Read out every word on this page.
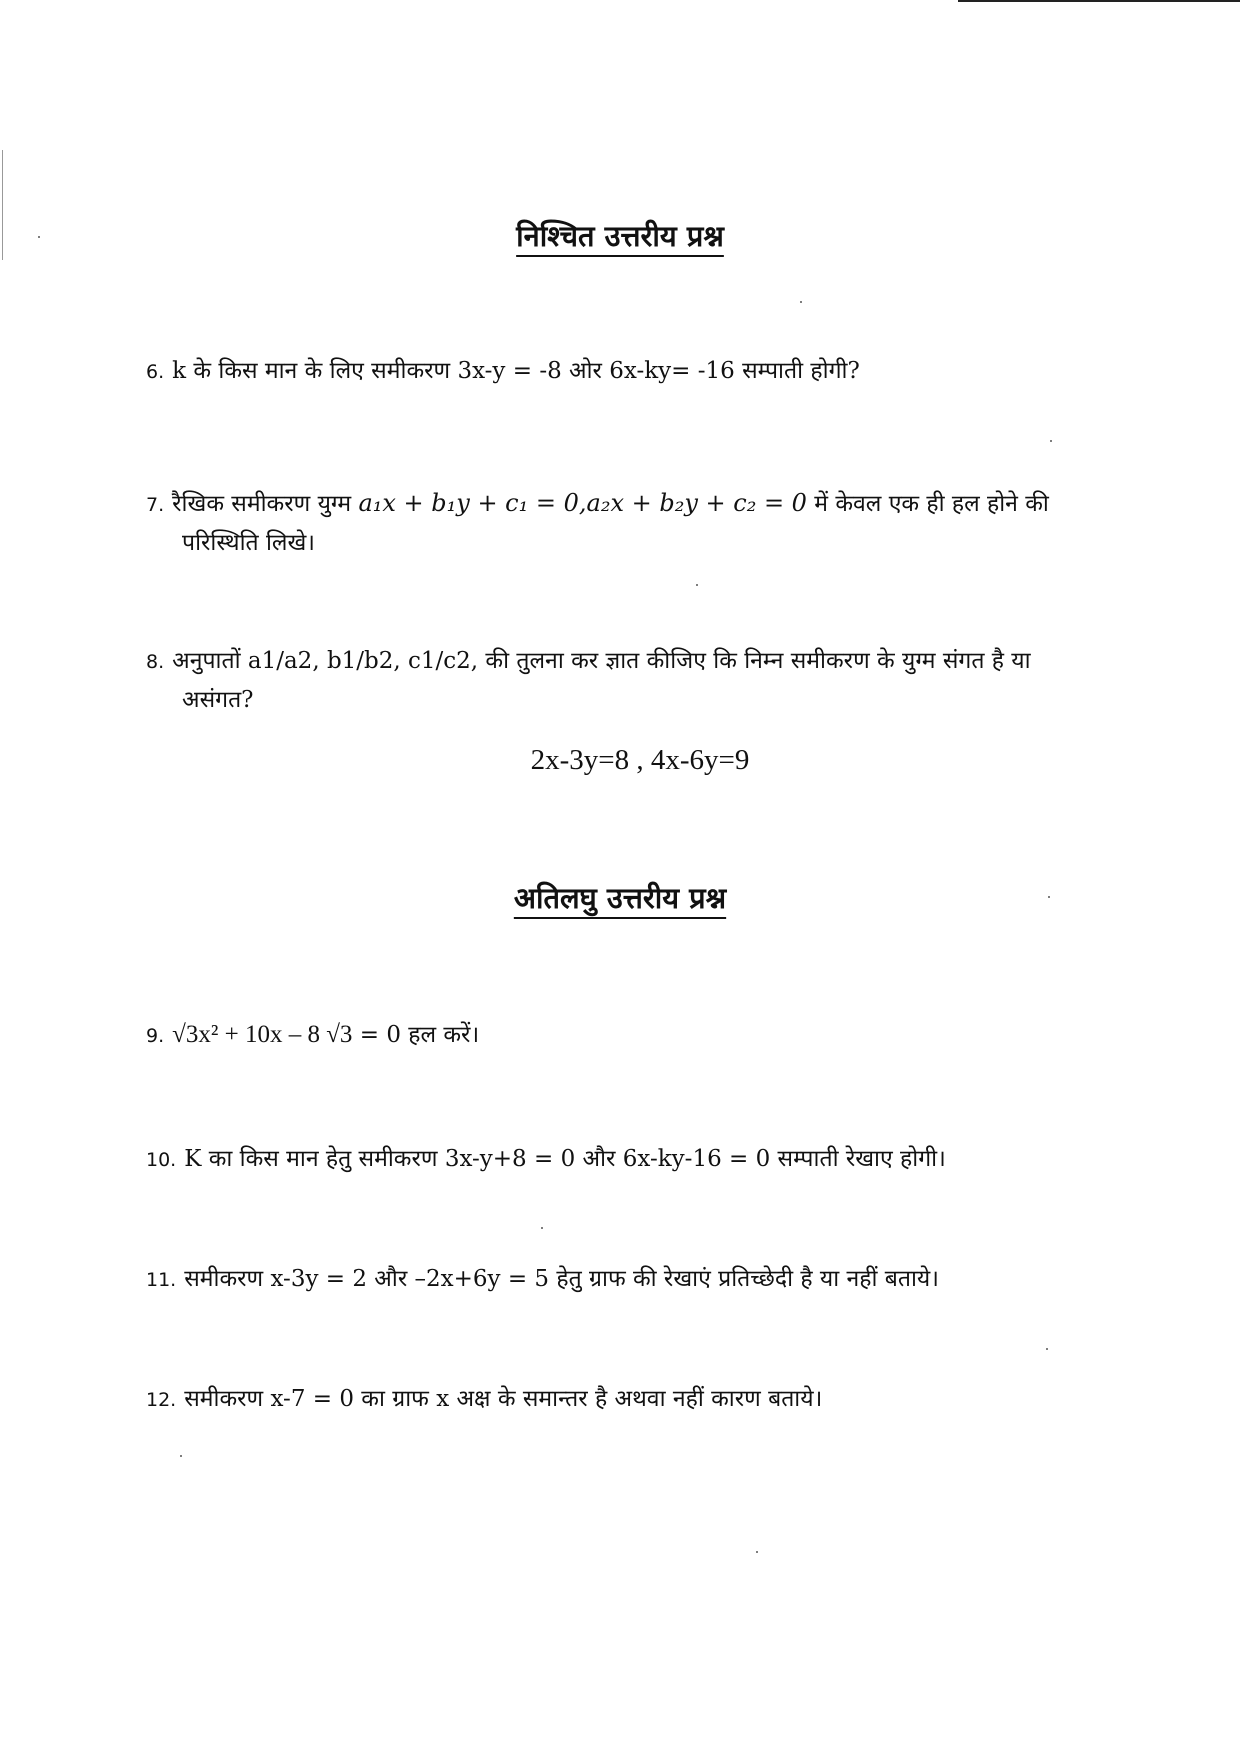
निश्चित उत्तरीय प्रश्न
6. k के किस मान के लिए समीकरण 3x-y = -8 ओर 6x-ky= -16 सम्पाती होगी?
7. रैखिक समीकरण युग्म a₁x + b₁y + c₁ = 0,a₂x + b₂y + c₂ = 0 में केवल एक ही हल होने की
परिस्थिति लिखे।
8. अनुपातों a1/a2, b1/b2, c1/c2, की तुलना कर ज्ञात कीजिए कि निम्न समीकरण के युग्म संगत है या
असंगत?
2x-3y=8 , 4x-6y=9
अतिलघु उत्तरीय प्रश्न
9. √3x² + 10x – 8 √3 = 0 हल करें।
10. K का किस मान हेतु समीकरण 3x-y+8 = 0 और 6x-ky-16 = 0 सम्पाती रेखाए होगी।
11. समीकरण x-3y = 2 और –2x+6y = 5 हेतु ग्राफ की रेखाएं प्रतिच्छेदी है या नहीं बताये।
12. समीकरण x-7 = 0 का ग्राफ x अक्ष के समान्तर है अथवा नहीं कारण बताये।
